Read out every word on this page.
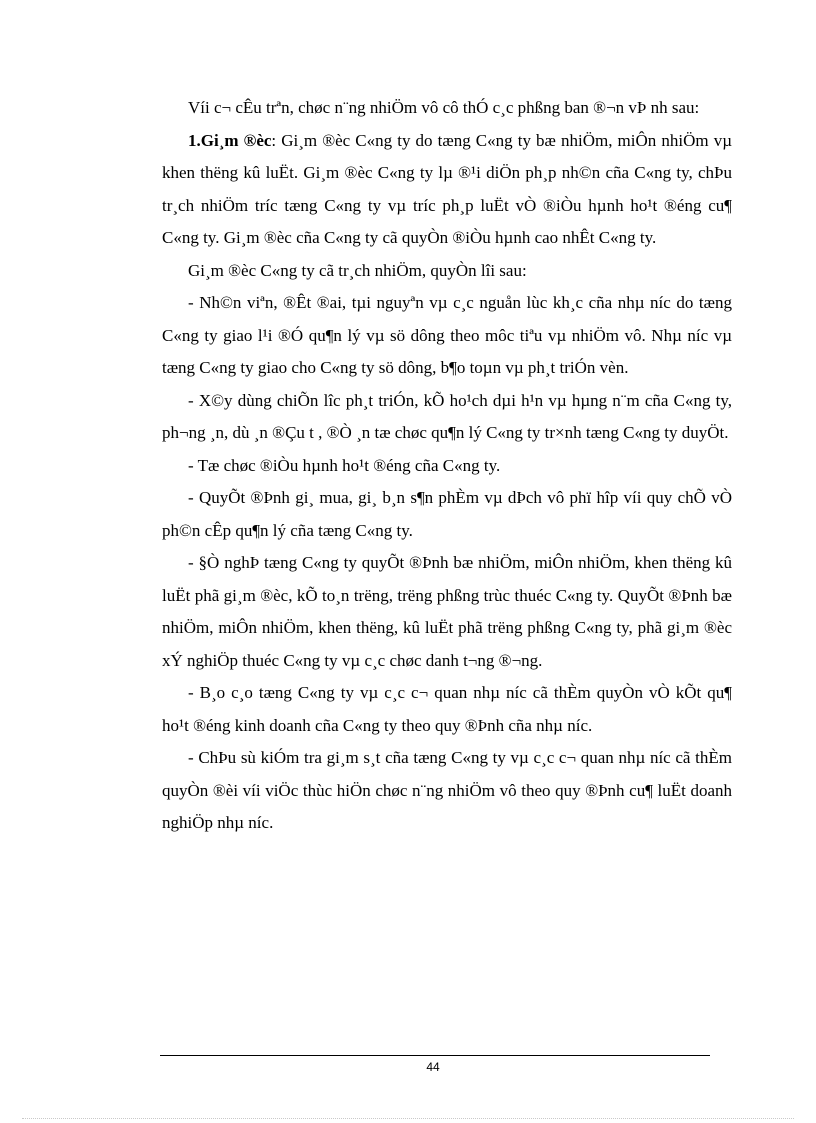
Víi c¬ cÊu trªn, chøc n¨ng nhiÖm vô cô thÓ c¸c phßng ban ®¬n vÞ nh sau:

1.Gi¸m ®èc: Gi¸m ®èc C«ng ty do tæng C«ng ty bæ nhiÖm, miÔn nhiÖm vµ khen thëng kû luËt. Gi¸m ®èc C«ng ty lµ ®¹i diÖn ph¸p nh©n cña C«ng ty, chÞu tr¸ch nhiÖm tríc tæng C«ng ty vµ tríc ph¸p luËt vÒ ®iÒu hµnh ho¹t ®éng cu¶ C«ng ty. Gi¸m ®èc cña C«ng ty cã quyÒn ®iÒu hµnh cao nhÊt C«ng ty.

Gi¸m ®èc C«ng ty cã tr¸ch nhiÖm, quyÒn lîi sau:

- Nh©n viªn, ®Êt ®ai, tµi nguyªn vµ c¸c nguån lùc kh¸c cña nhµ níc do tæng C«ng ty giao l¹i ®Ó qu¶n lý vµ sö dông theo môc tiªu vµ nhiÖm vô. Nhµ níc vµ tæng C«ng ty giao cho C«ng ty sö dông, b¶o toµn vµ ph¸t triÓn vèn.

- X©y dùng chiÕn lîc ph¸t triÓn, kÕ ho¹ch dµi h¹n vµ hµng n¨m cña C«ng ty, ph¬ng ¸n, dù ¸n ®Çu t , ®Ò ¸n tæ chøc qu¶n lý C«ng ty tr×nh tæng C«ng ty duyÖt.

- Tæ chøc ®iÒu hµnh ho¹t ®éng cña C«ng ty.

- QuyÕt ®Þnh gi¸ mua, gi¸ b¸n s¶n phÈm vµ dÞch vô phï hîp víi quy chÕ vÒ ph©n cÊp qu¶n lý cña tæng C«ng ty.

- §Ò nghÞ tæng C«ng ty quyÕt ®Þnh bæ nhiÖm, miÔn nhiÖm, khen thëng kû luËt phã gi¸m ®èc, kÕ to¸n trëng, trëng phßng trùc thuéc C«ng ty. QuyÕt ®Þnh bæ nhiÖm, miÔn nhiÖm, khen thëng, kû luËt phã trëng phßng C«ng ty, phã gi¸m ®èc xÝ nghiÖp thuéc C«ng ty vµ c¸c chøc danh t¬ng ®¬ng.

- B¸o c¸o tæng C«ng ty vµ c¸c c¬ quan nhµ níc cã thÈm quyÒn vÒ kÕt qu¶ ho¹t ®éng kinh doanh cña C«ng ty theo quy ®Þnh cña nhµ níc.

- ChÞu sù kiÓm tra gi¸m s¸t cña tæng C«ng ty vµ c¸c c¬ quan nhµ níc cã thÈm quyÒn ®èi víi viÖc thùc hiÖn chøc n¨ng nhiÖm vô theo quy ®Þnh cu¶ luËt doanh nghiÖp nhµ níc.

44
